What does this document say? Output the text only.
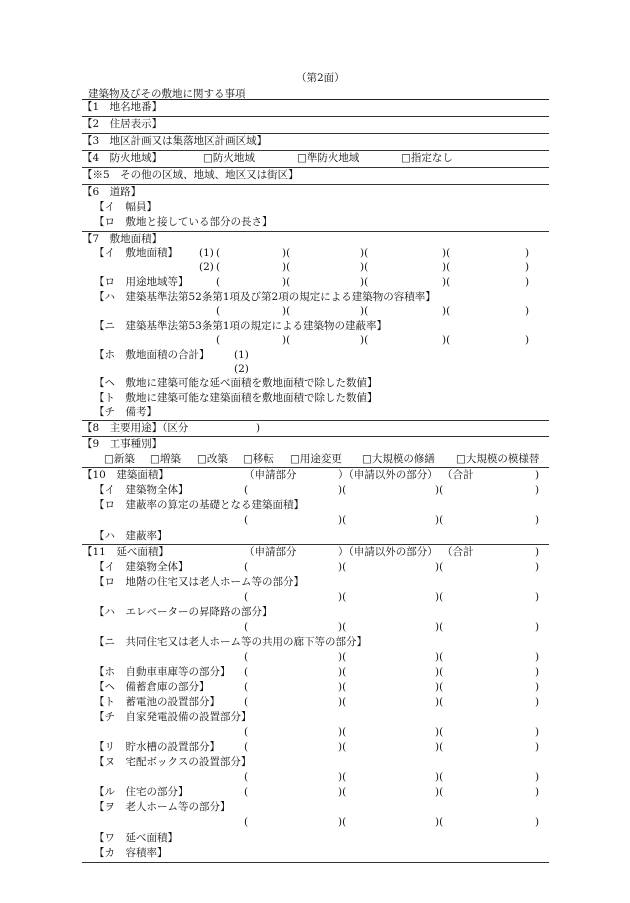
（第2面）
建築物及びその敷地に関する事項
【1　地名地番】
【2　住居表示】
【3　地区計画又は集落地区計画区域】
【4　防火地域】	□防火地域	□準防火地域	□指定なし
【※5　その他の区域、地域、地区又は街区】
【6　道路】
【イ　幅員】
【ロ　敷地と接している部分の長さ】
【7　敷地面積】
【イ　敷地面積】 (1) (	)(	)(	)(	)
(2) (	)(	)(	)(	)
【ロ　用途地域等】	(	)(	)(	)(	)
【ハ　建築基準法第52条第1項及び第2項の規定による建築物の容積率】
(	)(	)(	)(	)
【ニ　建築基準法第53条第1項の規定による建築物の建蔽率】
(	)(	)(	)(	)
【ホ　敷地面積の合計】 (1)
(2)
【ヘ　敷地に建築可能な延べ面積を敷地面積で除した数値】
【ト　敷地に建築可能な建築面積を敷地面積で除した数値】
【チ　備考】
【8　主要用途】（区分	)
【9　工事種別】
□新築 □増築 □改築 □移転 □用途変更 □大規模の修繕 □大規模の模様替
【10　建築面積】	（申請部分	）（申請以外の部分） （合計	)
【イ　建築物全体】	(	)(	)(	)
【ロ　建蔽率の算定の基礎となる建築面積】
(	)(	)(	)
【ハ　建蔽率】
【11　延べ面積】	（申請部分	）（申請以外の部分） （合計	)
【イ　建築物全体】	(	)(	)(	)
【ロ　地階の住宅又は老人ホーム等の部分】
(	)(	)(	)
【ハ　エレベーターの昇降路の部分】
(	)(	)(	)
【ニ　共同住宅又は老人ホーム等の共用の廊下等の部分】
(	)(	)(	)
【ホ　自動車車庫等の部分】 (	)(	)(	)
【ヘ　備蓄倉庫の部分】	(	)(	)(	)
【ト　蓄電池の設置部分】 (	)(	)(	)
【チ　自家発電設備の設置部分】
(	)(	)(	)
【リ　貯水槽の設置部分】 (	)(	)(	)
【ヌ　宅配ボックスの設置部分】
(	)(	)(	)
【ル　住宅の部分】	(	)(	)(	)
【ヲ　老人ホーム等の部分】
(	)(	)(	)
【ワ　延べ面積】
【カ　容積率】
